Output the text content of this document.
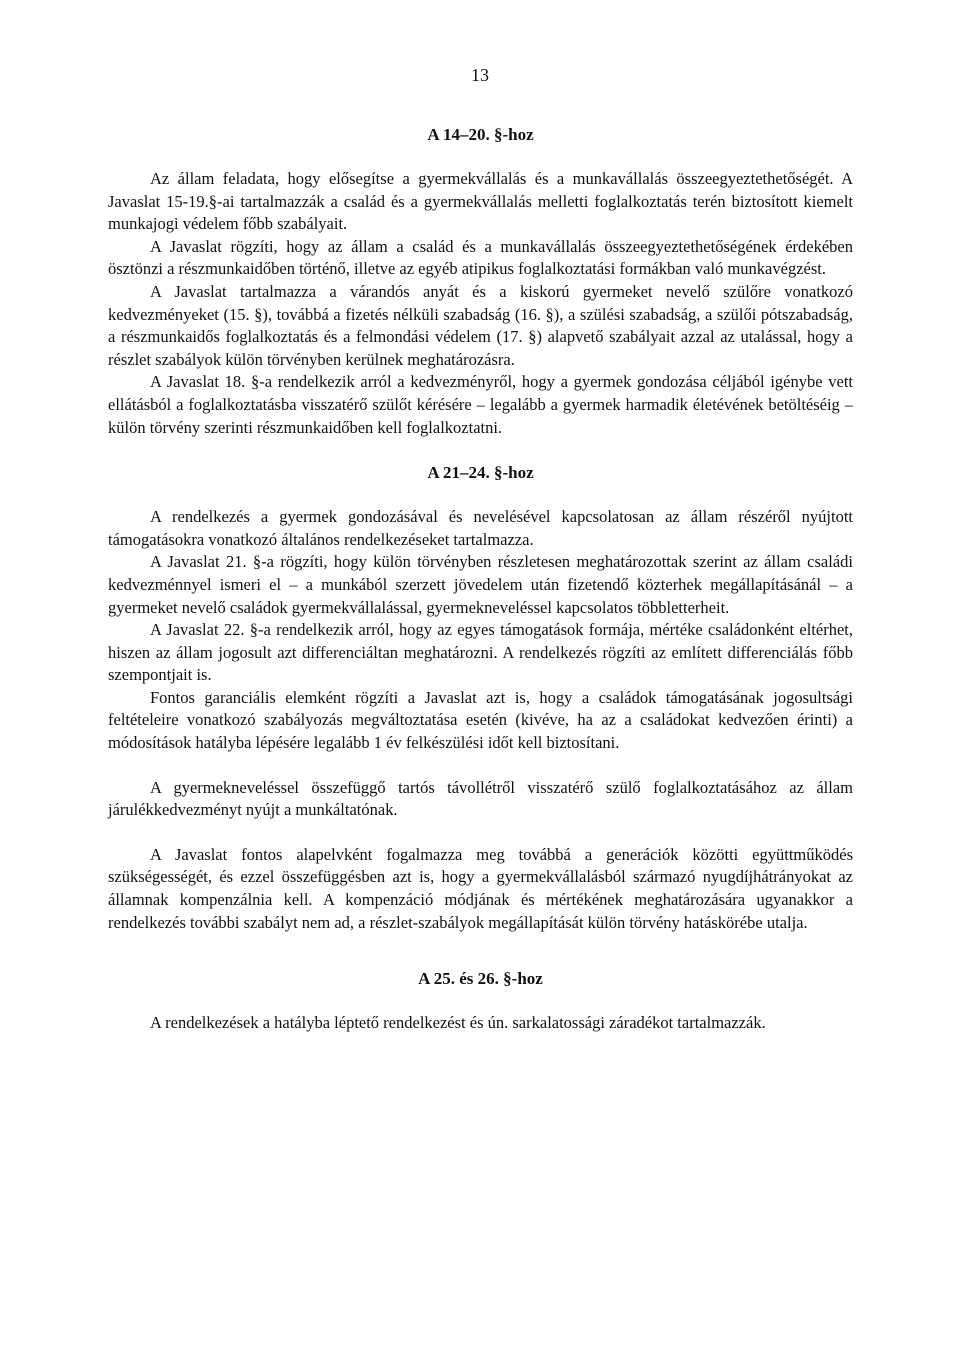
13
A 14–20. §-hoz

Az állam feladata, hogy elősegítse a gyermekvállalás és a munkavállalás összeegyeztethetőségét. A Javaslat 15-19.§-ai tartalmazzák a család és a gyermekvállalás melletti foglalkoztatás terén biztosított kiemelt munkajogi védelem főbb szabályait.

A Javaslat rögzíti, hogy az állam a család és a munkavállalás összeegyeztethetőségének érdekében ösztönzi a részmunkaidőben történő, illetve az egyéb atipikus foglalkoztatási formákban való munkavégzést.

A Javaslat tartalmazza a várandós anyát és a kiskorú gyermeket nevelő szülőre vonatkozó kedvezményeket (15. §), továbbá a fizetés nélküli szabadság (16. §), a szülési szabadság, a szülői pótszabadság, a részmunkaidős foglalkoztatás és a felmondási védelem (17. §) alapvető szabályait azzal az utalással, hogy a részlet szabályok külön törvényben kerülnek meghatározásra.

A Javaslat 18. §-a rendelkezik arról a kedvezményről, hogy a gyermek gondozása céljából igénybe vett ellátásból a foglalkoztatásba visszatérő szülőt kérésére – legalább a gyermek harmadik életévének betöltéséig – külön törvény szerinti részmunkaidőben kell foglalkoztatni.

A 21–24. §-hoz

A rendelkezés a gyermek gondozásával és nevelésével kapcsolatosan az állam részéről nyújtott támogatásokra vonatkozó általános rendelkezéseket tartalmazza.

A Javaslat 21. §-a rögzíti, hogy külön törvényben részletesen meghatározottak szerint az állam családi kedvezménnyel ismeri el – a munkából szerzett jövedelem után fizetendő közterhek megállapításánál – a gyermeket nevelő családok gyermekvállalással, gyermekneveléssel kapcsolatos többletterheit.

A Javaslat 22. §-a rendelkezik arról, hogy az egyes támogatások formája, mértéke családonként eltérhet, hiszen az állam jogosult azt differenciáltan meghatározni. A rendelkezés rögzíti az említett differenciálás főbb szempontjait is.

Fontos garanciális elemként rögzíti a Javaslat azt is, hogy a családok támogatásának jogosultsági feltételeire vonatkozó szabályozás megváltoztatása esetén (kivéve, ha az a családokat kedvezően érinti) a módosítások hatályba lépésére legalább 1 év felkészülési időt kell biztosítani.

A gyermekneveléssel összefüggő tartós távollétről visszatérő szülő foglalkoztatásához az állam járulékkedvezményt nyújt a munkáltatónak.

A Javaslat fontos alapelvként fogalmazza meg továbbá a generációk közötti együttműködés szükségességét, és ezzel összefüggésben azt is, hogy a gyermekvállalásból származó nyugdíjhátrányokat az államnak kompenzálnia kell. A kompenzáció módjának és mértékének meghatározására ugyanakkor a rendelkezés további szabályt nem ad, a részlet-szabályok megállapítását külön törvény hatáskörébe utalja.

A 25. és 26. §-hoz

A rendelkezések a hatályba léptető rendelkezést és ún. sarkalatossági záradékot tartalmazzák.
